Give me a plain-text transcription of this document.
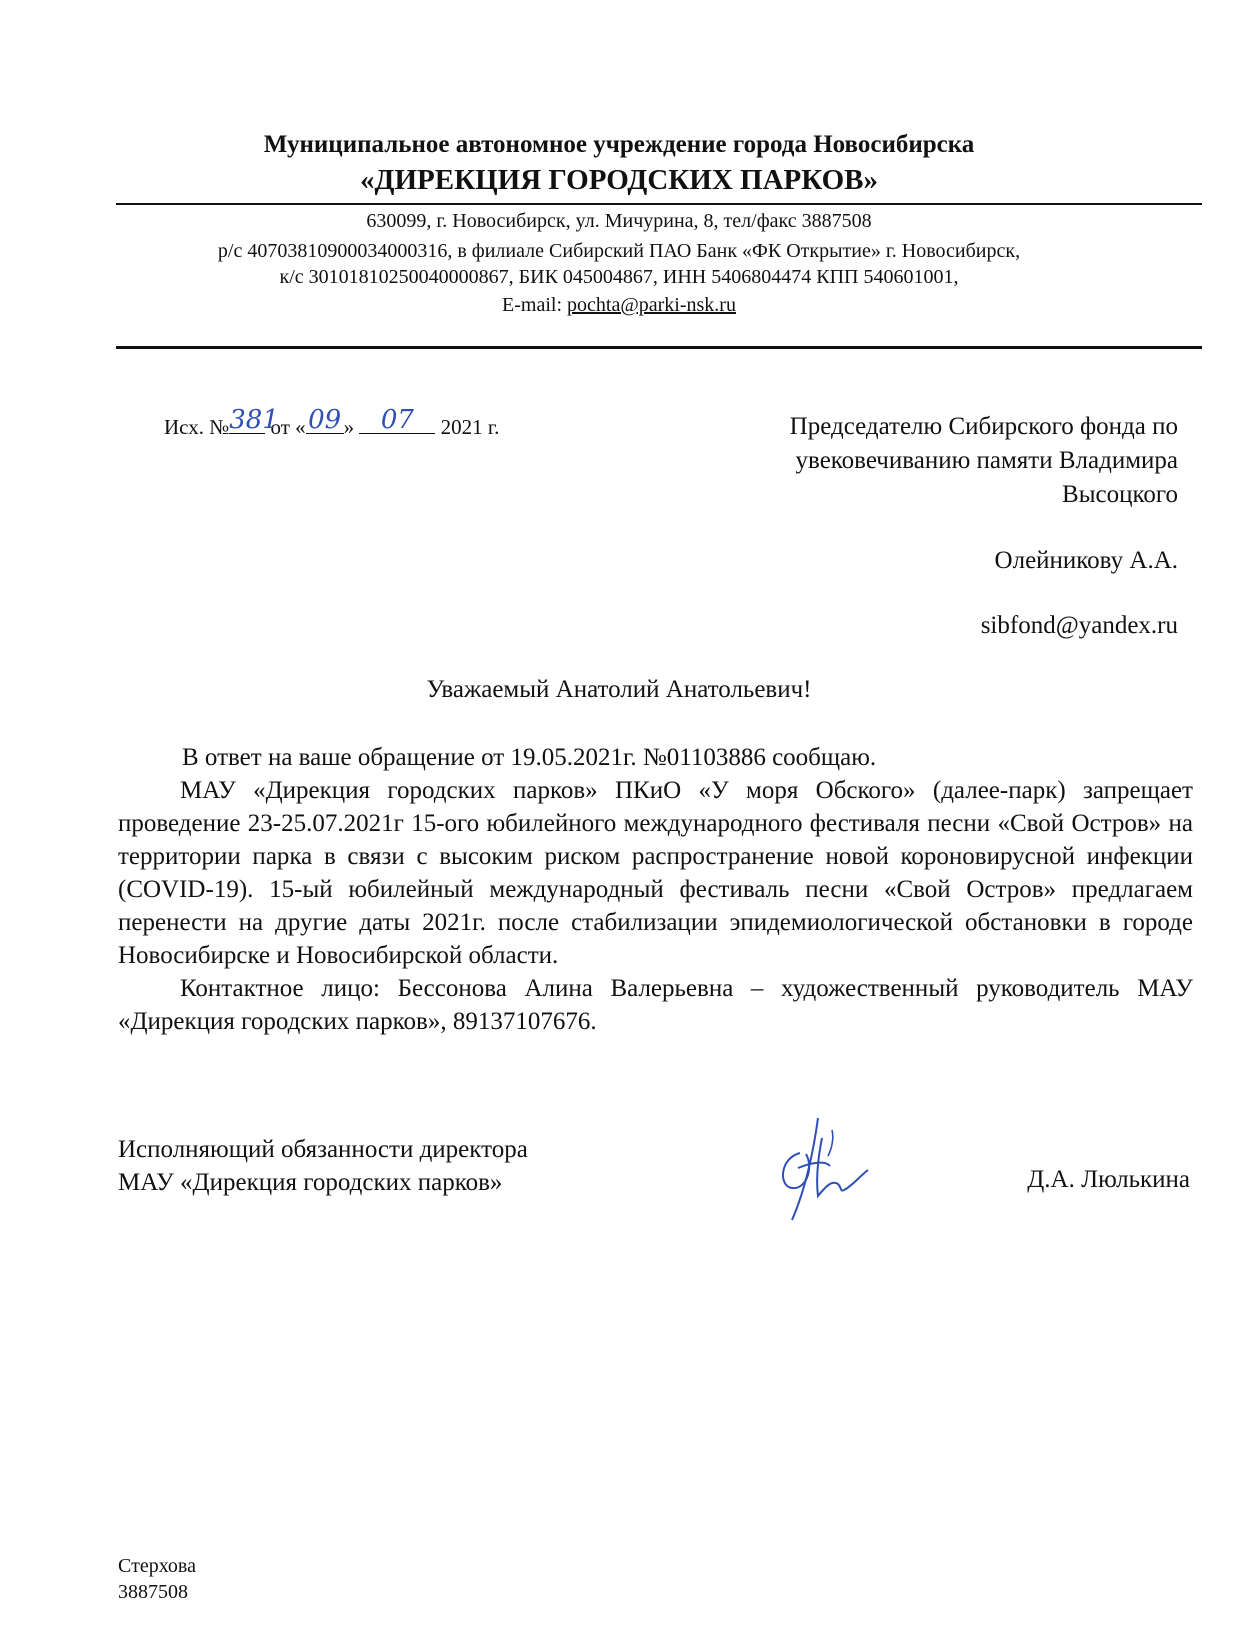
Муниципальное автономное учреждение города Новосибирска
«ДИРЕКЦИЯ ГОРОДСКИХ ПАРКОВ»
630099, г. Новосибирск, ул. Мичурина, 8, тел/факс 3887508
р/с 40703810900034000316, в филиале Сибирский ПАО Банк «ФК Открытие» г. Новосибирск,
к/с 30101810250040000867, БИК 045004867, ИНН 5406804474 КПП 540601001,
E-mail: pochta@parki-nsk.ru
Исх. № 381
от « 09 » 07	2021 г.	Председателю Сибирского фонда по
увековечиванию памяти Владимира
Высоцкого
Олейникову А.А.
sibfond@yandex.ru
Уважаемый Анатолий Анатольевич!

В ответ на ваше обращение от 19.05.2021г. №01103886 сообщаю.

МАУ «Дирекция городских парков» ПКиО «У моря Обского» (далее-парк) запрещает проведение 23-25.07.2021г 15-ого юбилейного международного фестиваля песни «Свой Остров» на территории парка в связи с высоким риском распространение новой короновирусной инфекции (COVID-19). 15-ый юбилейный международный фестиваль песни «Свой Остров» предлагаем перенести на другие даты 2021г. после стабилизации эпидемиологической обстановки в городе Новосибирске и Новосибирской области.

Контактное лицо: Бессонова Алина Валерьевна – художественный руководитель МАУ «Дирекция городских парков», 89137107676.

Исполняющий обязанности директора
МАУ «Дирекция городских парков»	Д.А. Люлькина
Стерхова
3887508
